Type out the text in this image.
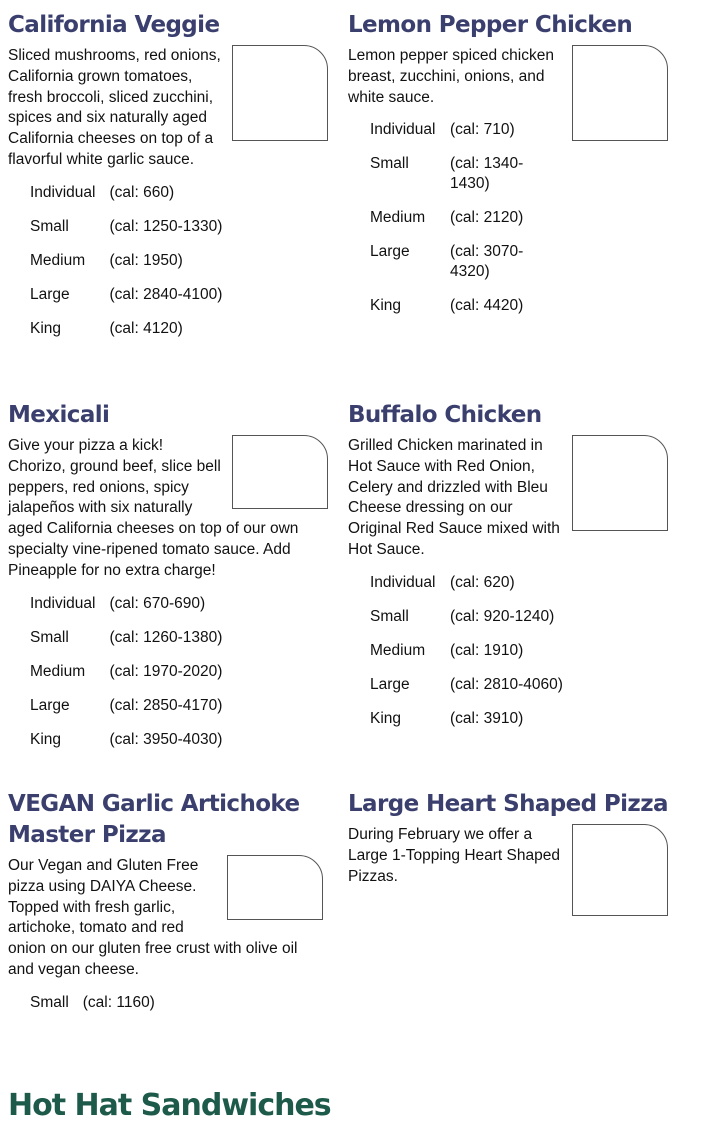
California Veggie

Sliced mushrooms, red onions, California grown tomatoes, fresh broccoli, sliced zucchini, spices and six naturally aged California cheeses on top of a flavorful white garlic sauce.

Individual	(cal: 660)
Small	(cal: 1250-1330)
Medium	(cal: 1950)
Large	(cal: 2840-4100)
King	(cal: 4120)
Lemon Pepper Chicken

Lemon pepper spiced chicken breast, zucchini, onions, and white sauce.

Individual	(cal: 710)
Small	(cal: 1340-1430)
Medium	(cal: 2120)
Large	(cal: 3070-4320)
King	(cal: 4420)
Mexicali

Give your pizza a kick! Chorizo, ground beef, slice bell peppers, red onions, spicy jalapeños with six naturally aged California cheeses on top of our own specialty vine-ripened tomato sauce. Add Pineapple for no extra charge!

Individual	(cal: 670-690)
Small	(cal: 1260-1380)
Medium	(cal: 1970-2020)
Large	(cal: 2850-4170)
King	(cal: 3950-4030)
Buffalo Chicken

Grilled Chicken marinated in Hot Sauce with Red Onion, Celery and drizzled with Bleu Cheese dressing on our Original Red Sauce mixed with Hot Sauce.

Individual	(cal: 620)
Small	(cal: 920-1240)
Medium	(cal: 1910)
Large	(cal: 2810-4060)
King	(cal: 3910)
VEGAN Garlic Artichoke Master Pizza

Our Vegan and Gluten Free pizza using DAIYA Cheese. Topped with fresh garlic, artichoke, tomato and red onion on our gluten free crust with olive oil and vegan cheese.

Small	(cal: 1160)
Large Heart Shaped Pizza

During February we offer a Large 1-Topping Heart Shaped Pizzas.

Hot Hat Sandwiches
